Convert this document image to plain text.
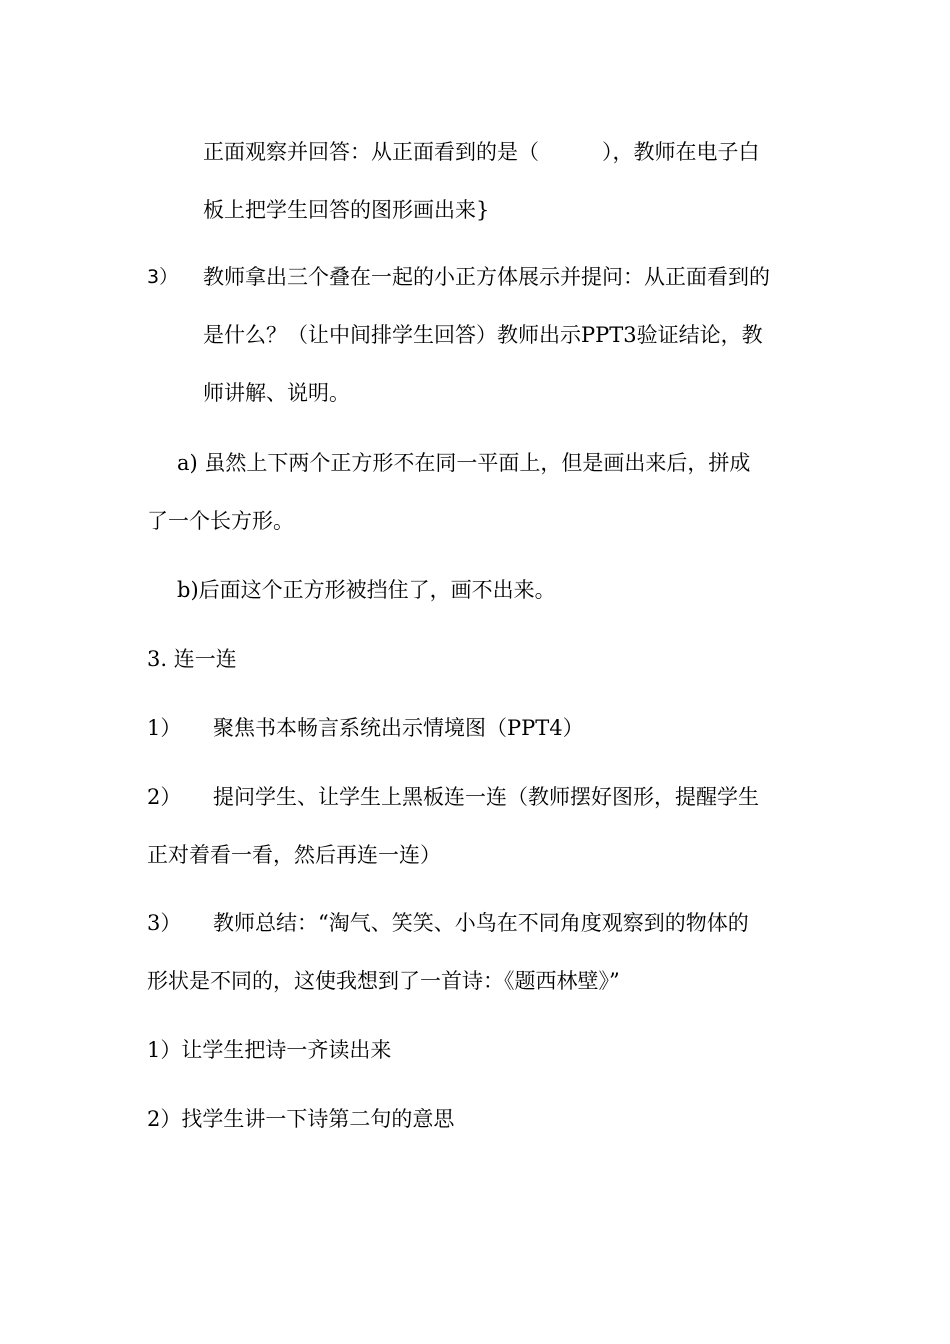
正面观察并回答：从正面看到的是（　　　），教师在电子白
板上把学生回答的图形画出来}
3） 教师拿出三个叠在一起的小正方体展示并提问：从正面看到的
是什么？（让中间排学生回答）教师出示PPT3验证结论，教
师讲解、说明。
a) 虽然上下两个正方形不在同一平面上，但是画出来后，拼成
了一个长方形。
b)后面这个正方形被挡住了，画不出来。
3. 连一连
1） 聚焦书本畅言系统出示情境图（PPT4）
2） 提问学生、让学生上黑板连一连（教师摆好图形，提醒学生
正对着看一看，然后再连一连）
3） 教师总结：“淘气、笑笑、小鸟在不同角度观察到的物体的
形状是不同的，这使我想到了一首诗：《题西林壁》”
1）让学生把诗一齐读出来
2）找学生讲一下诗第二句的意思
